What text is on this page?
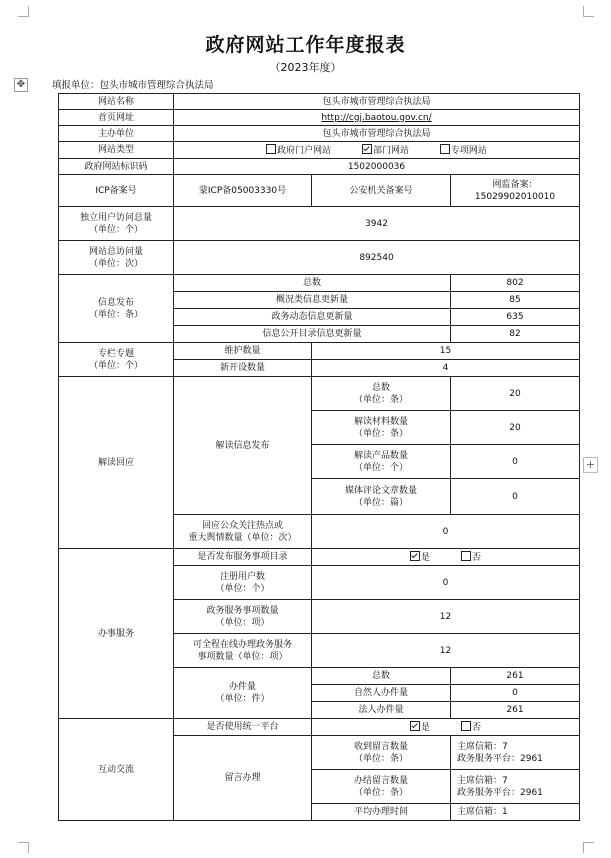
政府网站工作年度报表
（2023年度）
✥	填报单位：包头市城市管理综合执法局
+
网站名称	包头市城市管理综合执法局		
首页网址	http://cgj.baotou.gov.cn/		
主办单位	包头市城市管理综合执法局		
网站类型	政府门户网站 部门网站 专项网站		
政府网站标识码	1502000036		
ICP备案号	蒙ICP备05003330号	公安机关备案号	网监备案：
15029902010010
独立用户访问总量
（单位：个）	3942		
网站总访问量
（单位：次）	892540		
信息发布
（单位：条）	总数		802
	概况类信息更新量		85
	政务动态信息更新量		635
	信息公开目录信息更新量		82
专栏专题
（单位：个）	维护数量	15	
	新开设数量	4	
解读回应	解读信息发布	总数
（单位：条）	20
		解读材料数量
（单位：条）	20
		解读产品数量
（单位：个）	0
		媒体评论文章数量
（单位：篇）	0
	回应公众关注热点或
重大舆情数量（单位：次）	0	
办事服务	是否发布服务事项目录	是 否	
	注册用户数
（单位：个）	0	
	政务服务事项数量
（单位：项）	12	
	可全程在线办理政务服务
事项数量（单位：项）	12	
	办件量
（单位：件）	总数	261
		自然人办件量	0
		法人办件量	261
互动交流	是否使用统一平台	是 否	
	留言办理	收到留言数量
（单位：条）	主席信箱：7
政务服务平台：2961
		办结留言数量
（单位：条）	主席信箱：7
政务服务平台：2961
		平均办理时间	主席信箱：1
